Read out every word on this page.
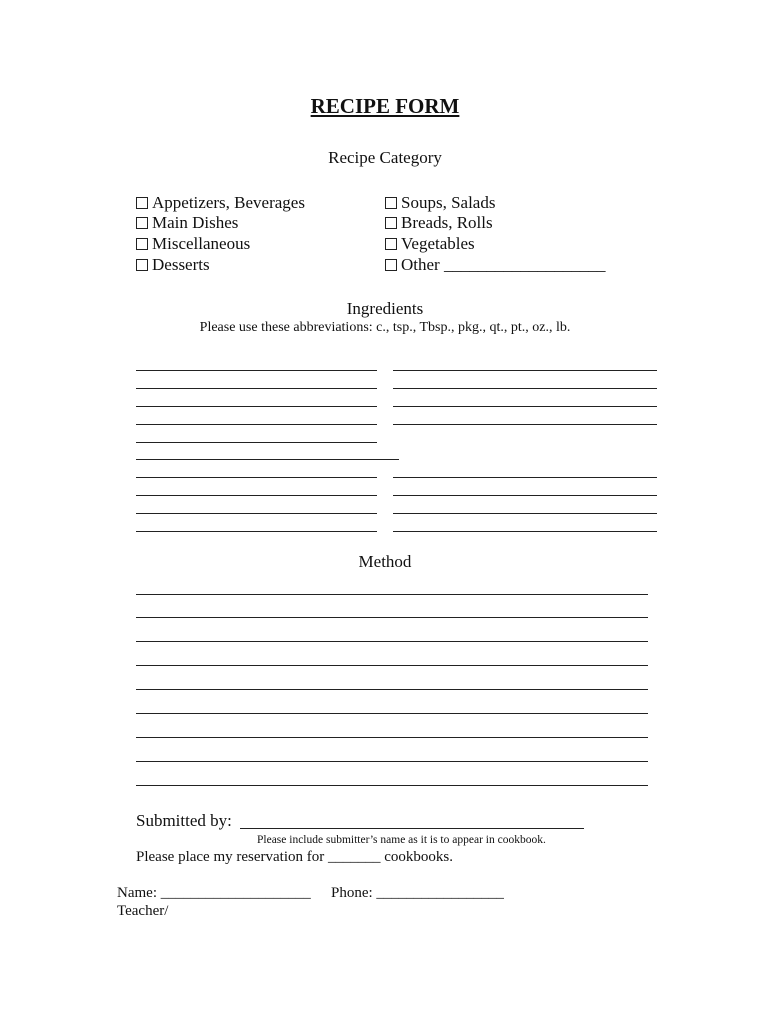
RECIPE FORM
Recipe Category
Appetizers, Beverages
Main Dishes
Miscellaneous
Desserts
Soups, Salads
Breads, Rolls
Vegetables
Other ___________________
Ingredients
Please use these abbreviations: c., tsp., Tbsp., pkg., qt., pt., oz., lb.
Method
Submitted by:
Please include submitter’s name as it is to appear in cookbook.
Please place my reservation for _______ cookbooks.
Name: ____________________ Phone: _________________
Teacher/
